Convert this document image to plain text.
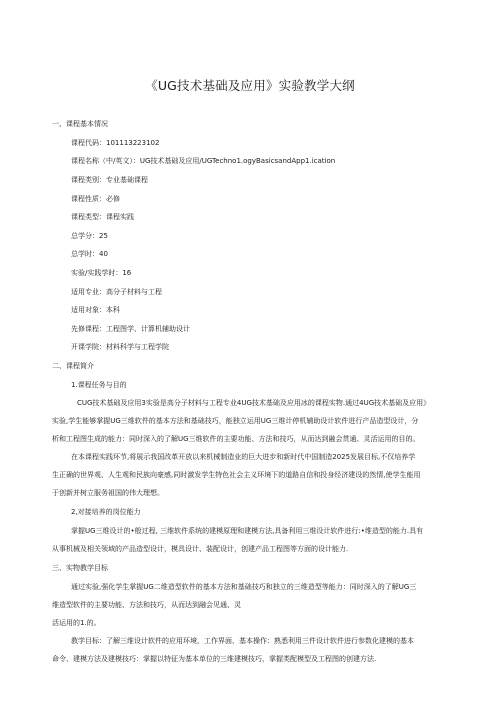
《UG技术基础及应用》实验教学大纲
一、课程基本情况
课程代码：101113223102
课程名称（中/英文）：UG技术基础及应用/UGTechno1.ogyBasicsandApp1.ication
课程类别：专业基础课程
课程性质：必修
课程类型：课程实践
总学分：25
总学时：40
实验/实践学时：16
适用专业：高分子材料与工程
适用对象：本科
先修课程：工程图学、计算机辅助设计
开课学院：材料科学与工程学院
二、课程简介
1.课程任务与目的
CUG技术基础及应用3实验是高分子材料与工程专业4UG技术基础及应用冰的课程实物.通过4UG技术基础及应用》
实验,学生能够掌握UG三维软件的基本方法和基础技巧，能独立运用UG三维计停机辅助设计软件进行产品造型设计，分
析和工程图生成的能力：同时深入的了解UG三维软件的主要功能、方法和技巧，从而达到融会贯通、灵活运用的目的。
在本课程实践环节,将展示我国改革开放以来机械制造业的巨大进步和新时代中国制造2025发展目标,不仅培养学
生正确的世界观、人生观和民族向豪感,同时激发学生特色社会主义环境下的道路自信和投身经济建设的然情,使学生能用
于创新并树立服务祖国的伟大理想。
2,对接培养的岗位能力
掌握UG三维设计的•般过程, 三维软件系统的建模原理和建模方法,具备利用三维设计软件进行:•维造型的能力.具有
从事机械及相关领域的产品造型设计，模具设计、装配设计，创建产品工程图等方面的设计能力.
三、实物教学目标
通过实验,强化学生掌握UG二维造型软件的基本方法和基础技巧和独立的三维造型等能力：同时深入的了解UG三
维造型软件的主要功能、方法和技巧，从而达到融会见通、灵
活运用的1.的。
教学目标：了解三维设计软件的应用环境，工作界面、基本操作：熟悉利用三件设计软件进行参数化建模的基本
命令、建模方法及建模技巧：掌握以特征为基本单位的三维建模技巧，掌握类配模型及工程图的创建方法.
